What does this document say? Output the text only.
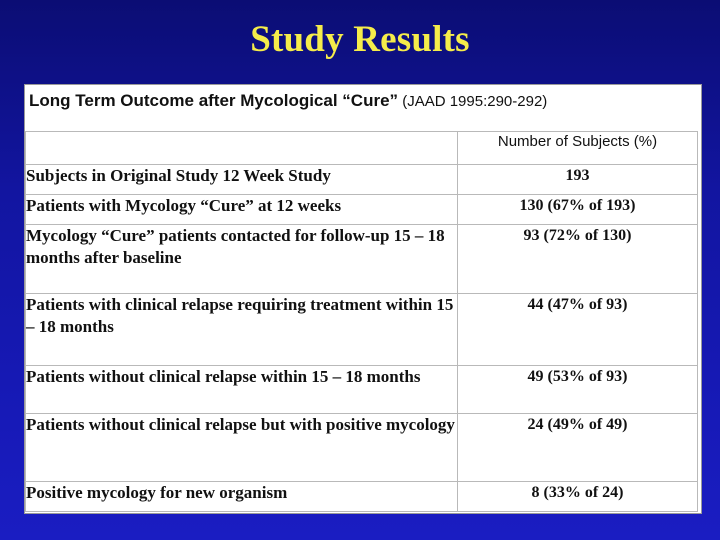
Study Results
Long Term Outcome after Mycological “Cure” (JAAD 1995:290-292)
	Number of Subjects (%)
Subjects in Original Study 12 Week Study	193
Patients with Mycology “Cure” at 12 weeks	130 (67% of 193)
Mycology “Cure” patients contacted for follow-up 15 – 18 months after baseline	93 (72% of 130)
Patients with clinical relapse requiring treatment within 15 – 18 months	44 (47% of 93)
Patients without clinical relapse within 15 – 18 months	49 (53% of 93)
Patients without clinical relapse but with positive mycology	24 (49% of 49)
Positive mycology for new organism	8 (33% of 24)
